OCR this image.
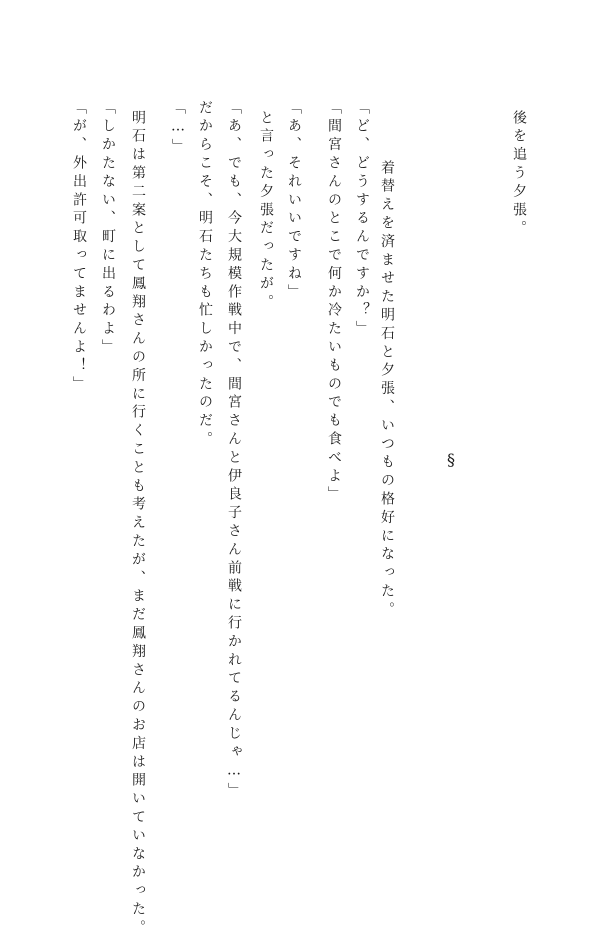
後を追う夕張。
着替えを済ませた明石と夕張、いつもの格好になった。
「ど、どうするんですか？」
「間宮さんのとこで何か冷たいものでも食べよ」
「あ、それいいですね」
と言った夕張だったが。
§
「あ、でも、今大規模作戦中で、間宮さんと伊良子さん前戦に行かれてるんじゃ…」
だからこそ、明石たちも忙しかったのだ。
「…」
明石は第二案として鳳翔さんの所に行くことも考えたが、まだ鳳翔さんのお店は開いていなかった。
「しかたない、町に出るわよ」
「が、外出許可取ってませんよ！」
